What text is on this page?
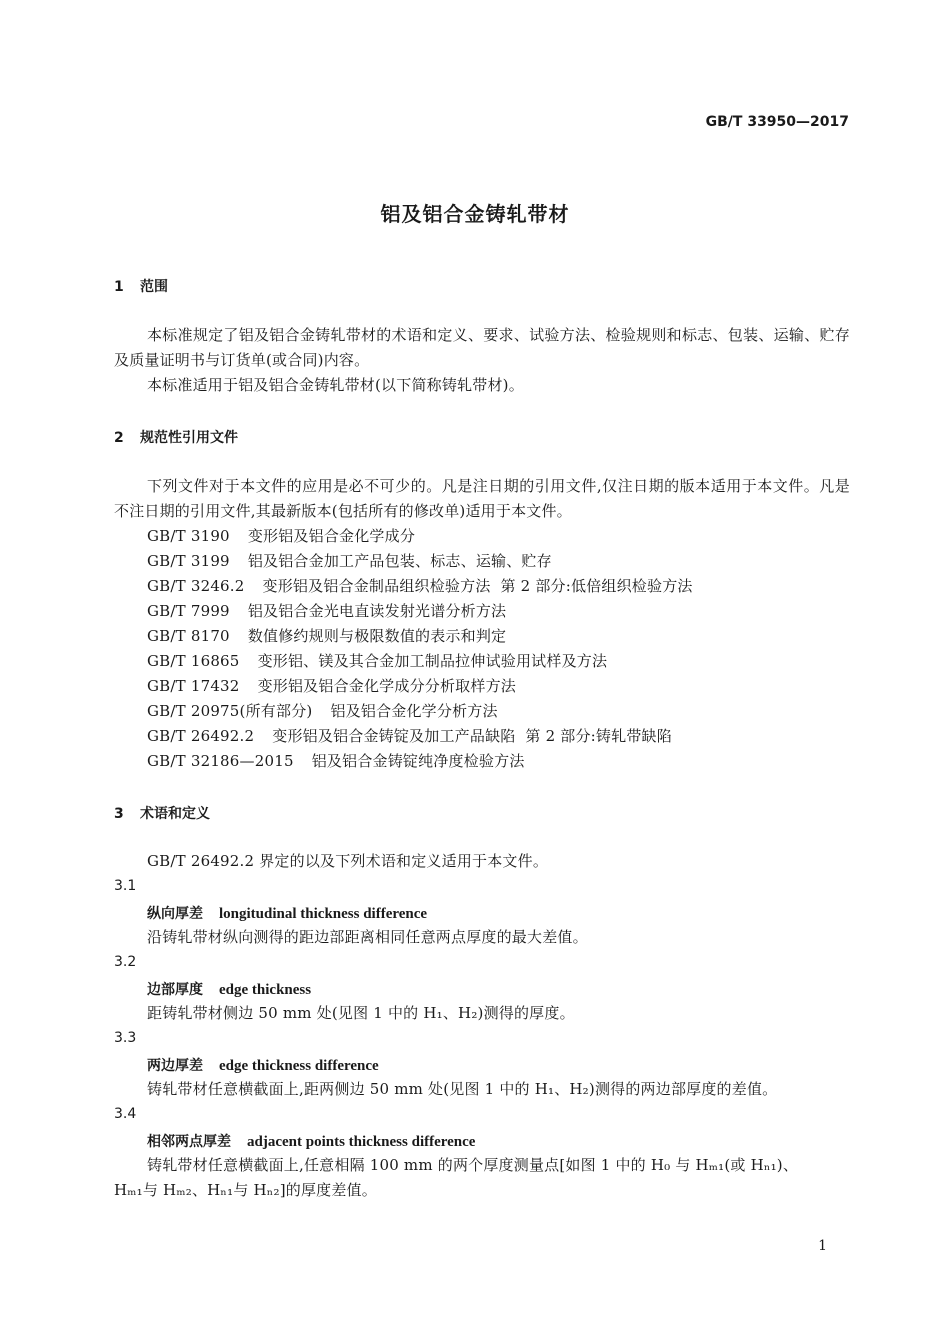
GB/T 33950—2017
铝及铝合金铸轧带材
1 范围
本标准规定了铝及铝合金铸轧带材的术语和定义、要求、试验方法、检验规则和标志、包装、运输、贮存及质量证明书与订货单(或合同)内容。
本标准适用于铝及铝合金铸轧带材(以下简称铸轧带材)。
2 规范性引用文件
下列文件对于本文件的应用是必不可少的。凡是注日期的引用文件,仅注日期的版本适用于本文件。凡是不注日期的引用文件,其最新版本(包括所有的修改单)适用于本文件。
GB/T 3190 变形铝及铝合金化学成分
GB/T 3199 铝及铝合金加工产品包装、标志、运输、贮存
GB/T 3246.2 变形铝及铝合金制品组织检验方法  第 2 部分:低倍组织检验方法
GB/T 7999 铝及铝合金光电直读发射光谱分析方法
GB/T 8170 数值修约规则与极限数值的表示和判定
GB/T 16865 变形铝、镁及其合金加工制品拉伸试验用试样及方法
GB/T 17432 变形铝及铝合金化学成分分析取样方法
GB/T 20975(所有部分) 铝及铝合金化学分析方法
GB/T 26492.2 变形铝及铝合金铸锭及加工产品缺陷  第 2 部分:铸轧带缺陷
GB/T 32186—2015 铝及铝合金铸锭纯净度检验方法
3 术语和定义
GB/T 26492.2 界定的以及下列术语和定义适用于本文件。
3.1
纵向厚差 longitudinal thickness difference
沿铸轧带材纵向测得的距边部距离相同任意两点厚度的最大差值。
3.2
边部厚度 edge thickness
距铸轧带材侧边 50 mm 处(见图 1 中的 H₁、H₂)测得的厚度。
3.3
两边厚差 edge thickness difference
铸轧带材任意横截面上,距两侧边 50 mm 处(见图 1 中的 H₁、H₂)测得的两边部厚度的差值。
3.4
相邻两点厚差 adjacent points thickness difference
铸轧带材任意横截面上,任意相隔 100 mm 的两个厚度测量点[如图 1 中的 H₀ 与 Hₘ₁(或 Hₙ₁)、
Hₘ₁与 Hₘ₂、Hₙ₁与 Hₙ₂]的厚度差值。
1
